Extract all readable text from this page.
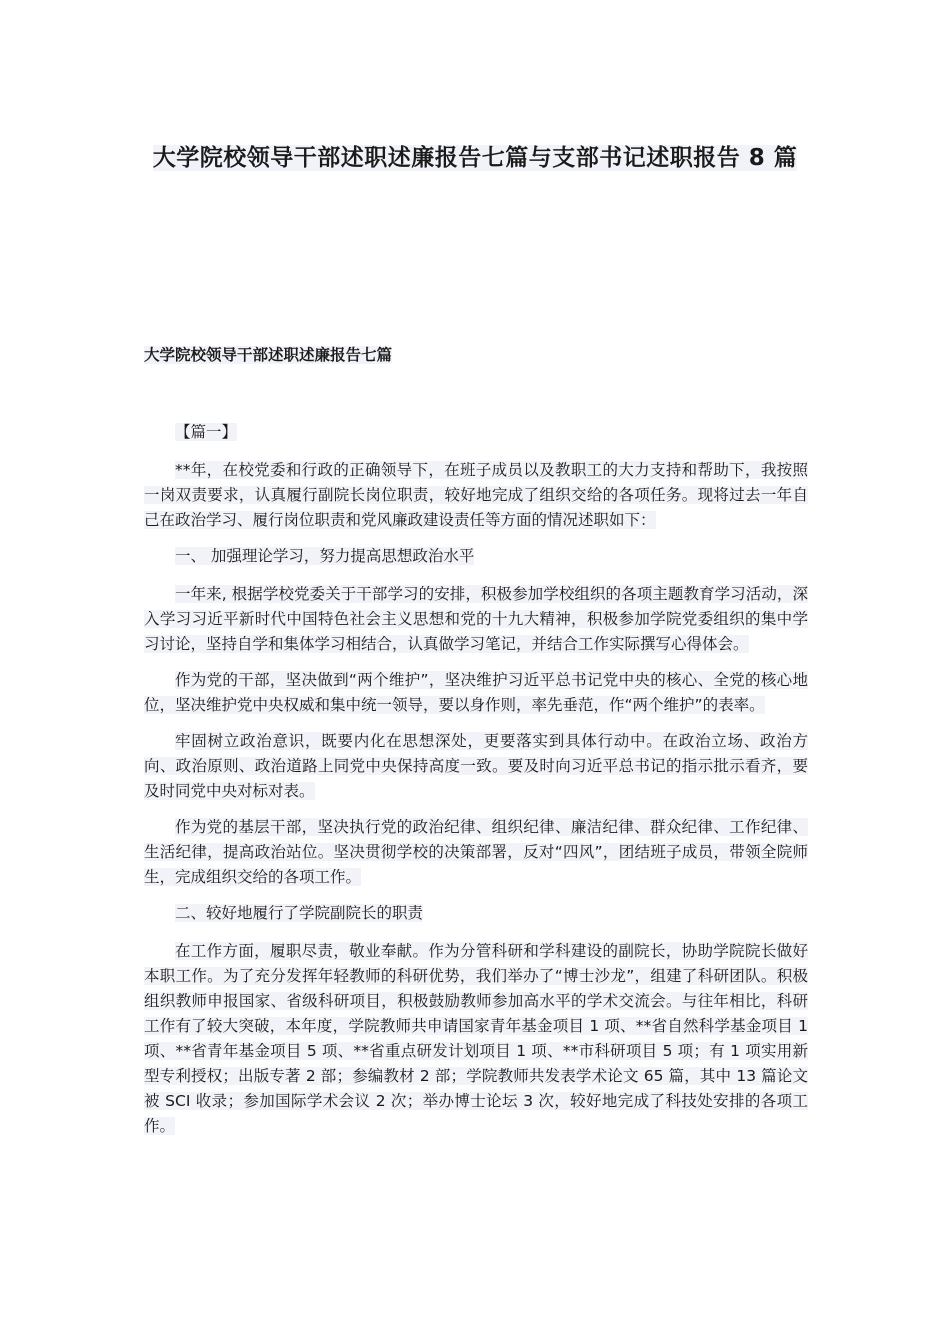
大学院校领导干部述职述廉报告七篇与支部书记述职报告 8 篇
大学院校领导干部述职述廉报告七篇

【篇一】

**年，在校党委和行政的正确领导下，在班子成员以及教职工的大力支持和帮助下，我按照一岗双责要求，认真履行副院长岗位职责，较好地完成了组织交给的各项任务。现将过去一年自己在政治学习、履行岗位职责和党风廉政建设责任等方面的情况述职如下：

一、 加强理论学习，努力提高思想政治水平

一年来, 根据学校党委关于干部学习的安排，积极参加学校组织的各项主题教育学习活动，深入学习习近平新时代中国特色社会主义思想和党的十九大精神，积极参加学院党委组织的集中学习讨论，坚持自学和集体学习相结合，认真做学习笔记，并结合工作实际撰写心得体会。

作为党的干部，坚决做到“两个维护”，坚决维护习近平总书记党中央的核心、全党的核心地位，坚决维护党中央权威和集中统一领导，要以身作则，率先垂范，作“两个维护”的表率。

牢固树立政治意识，既要内化在思想深处，更要落实到具体行动中。在政治立场、政治方向、政治原则、政治道路上同党中央保持高度一致。要及时向习近平总书记的指示批示看齐，要及时同党中央对标对表。

作为党的基层干部，坚决执行党的政治纪律、组织纪律、廉洁纪律、群众纪律、工作纪律、生活纪律，提高政治站位。坚决贯彻学校的决策部署，反对“四风”，团结班子成员，带领全院师生，完成组织交给的各项工作。

二、较好地履行了学院副院长的职责

在工作方面，履职尽责，敬业奉献。作为分管科研和学科建设的副院长，协助学院院长做好本职工作。为了充分发挥年轻教师的科研优势，我们举办了“博士沙龙”，组建了科研团队。积极组织教师申报国家、省级科研项目，积极鼓励教师参加高水平的学术交流会。与往年相比，科研工作有了较大突破，本年度，学院教师共申请国家青年基金项目 1 项、**省自然科学基金项目 1 项、**省青年基金项目 5 项、**省重点研发计划项目 1 项、**市科研项目 5 项；有 1 项实用新型专利授权；出版专著 2 部；参编教材 2 部；学院教师共发表学术论文 65 篇，其中 13 篇论文被 SCI 收录；参加国际学术会议 2 次；举办博士论坛 3 次，较好地完成了科技处安排的各项工作。
